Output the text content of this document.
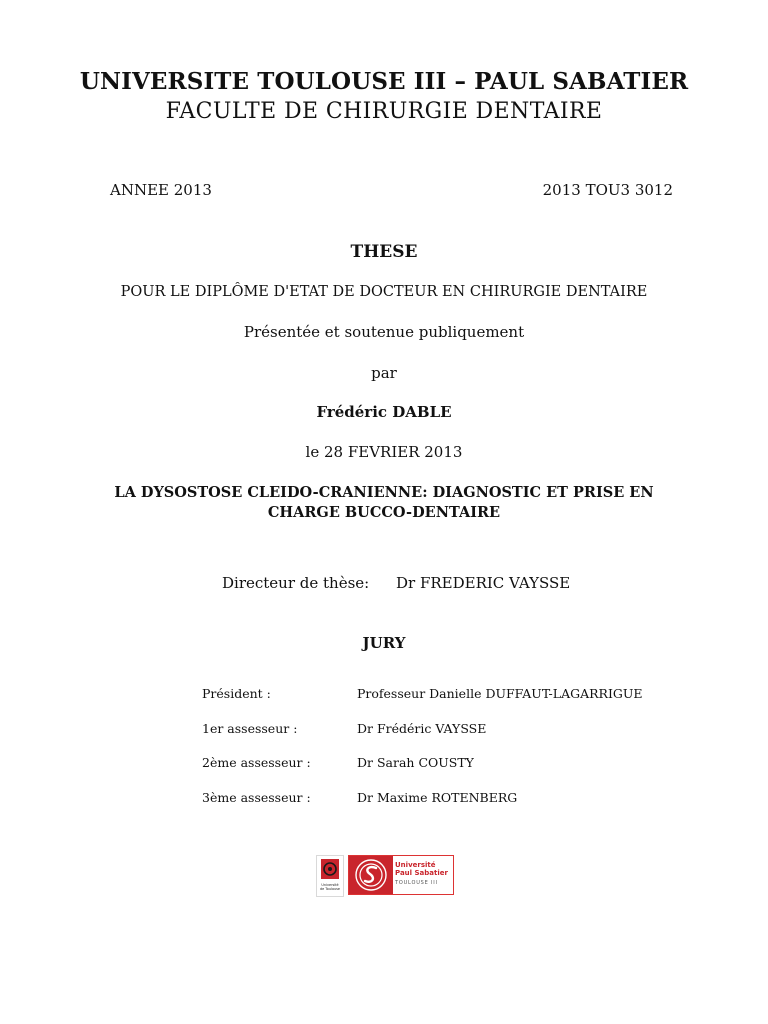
UNIVERSITE TOULOUSE III – PAUL SABATIER
FACULTE DE CHIRURGIE DENTAIRE
ANNEE 2013	2013 TOU3 3012
THESE
POUR LE DIPLÔME D'ETAT DE DOCTEUR EN CHIRURGIE DENTAIRE
Présentée et soutenue publiquement
par
Frédéric DABLE
le 28 FEVRIER 2013
LA DYSOSTOSE CLEIDO-CRANIENNE: DIAGNOSTIC ET PRISE EN
CHARGE BUCCO-DENTAIRE
Directeur de thèse: Dr FREDERIC VAYSSE
JURY
Président :	Professeur Danielle DUFFAUT-LAGARRIGUE
1er assesseur :	Dr Frédéric VAYSSE
2ème assesseur :	Dr Sarah COUSTY
3ème assesseur :	Dr Maxime ROTENBERG
Université
de Toulouse
Université
Paul Sabatier
TOULOUSE III
